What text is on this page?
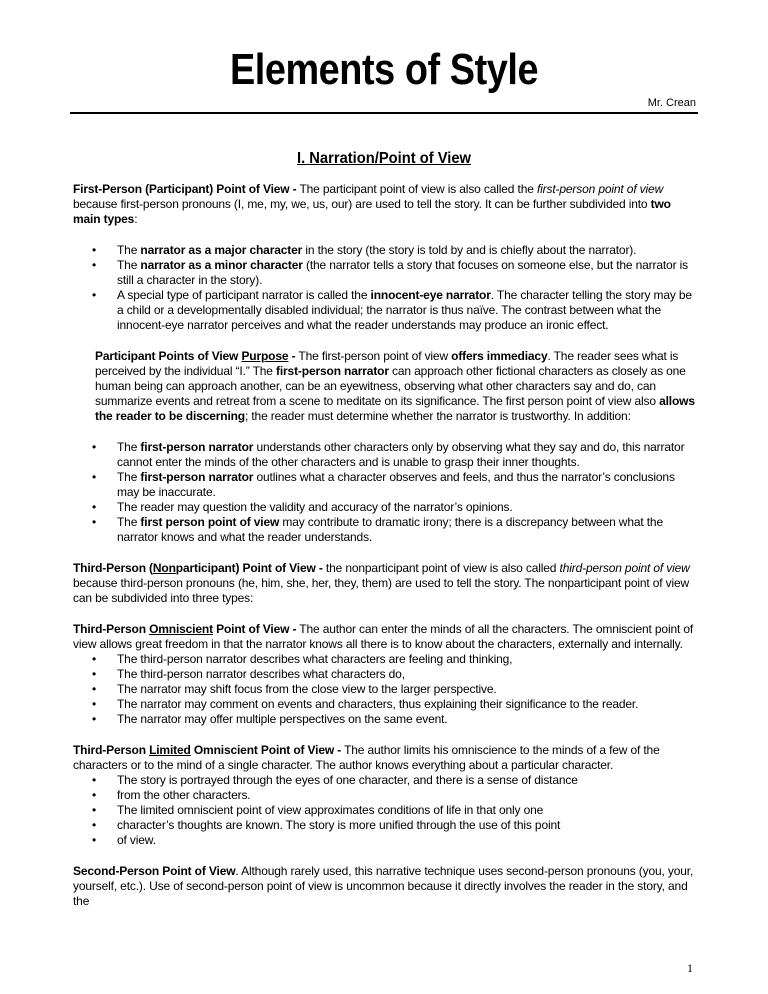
Elements of Style
Mr. Crean
I. Narration/Point of View

First-Person (Participant) Point of View - The participant point of view is also called the first-person point of view because first-person pronouns (I, me, my, we, us, our) are used to tell the story. It can be further subdivided into two main types:

• The narrator as a major character in the story (the story is told by and is chiefly about the narrator).
• The narrator as a minor character (the narrator tells a story that focuses on someone else, but the narrator is still a character in the story).
• A special type of participant narrator is called the innocent-eye narrator. The character telling the story may be a child or a developmentally disabled individual; the narrator is thus naïve. The contrast between what the innocent-eye narrator perceives and what the reader understands may produce an ironic effect.

Participant Points of View Purpose - The first-person point of view offers immediacy. The reader sees what is perceived by the individual “I.” The first-person narrator can approach other fictional characters as closely as one human being can approach another, can be an eyewitness, observing what other characters say and do, can summarize events and retreat from a scene to meditate on its significance. The first person point of view also allows the reader to be discerning; the reader must determine whether the narrator is trustworthy. In addition:

• The first-person narrator understands other characters only by observing what they say and do, this narrator cannot enter the minds of the other characters and is unable to grasp their inner thoughts.
• The first-person narrator outlines what a character observes and feels, and thus the narrator’s conclusions may be inaccurate.
• The reader may question the validity and accuracy of the narrator’s opinions.
• The first person point of view may contribute to dramatic irony; there is a discrepancy between what the narrator knows and what the reader understands.

Third-Person (Nonparticipant) Point of View - the nonparticipant point of view is also called third-person point of view because third-person pronouns (he, him, she, her, they, them) are used to tell the story. The nonparticipant point of view can be subdivided into three types:

Third-Person Omniscient Point of View - The author can enter the minds of all the characters. The omniscient point of view allows great freedom in that the narrator knows all there is to know about the characters, externally and internally.

• The third-person narrator describes what characters are feeling and thinking,
• The third-person narrator describes what characters do,
• The narrator may shift focus from the close view to the larger perspective.
• The narrator may comment on events and characters, thus explaining their significance to the reader.
• The narrator may offer multiple perspectives on the same event.

Third-Person Limited Omniscient Point of View - The author limits his omniscience to the minds of a few of the characters or to the mind of a single character. The author knows everything about a particular character.

• The story is portrayed through the eyes of one character, and there is a sense of distance
• from the other characters.
• The limited omniscient point of view approximates conditions of life in that only one
• character’s thoughts are known. The story is more unified through the use of this point
• of view.

Second-Person Point of View. Although rarely used, this narrative technique uses second-person pronouns (you, your, yourself, etc.). Use of second-person point of view is uncommon because it directly involves the reader in the story, and the

1
